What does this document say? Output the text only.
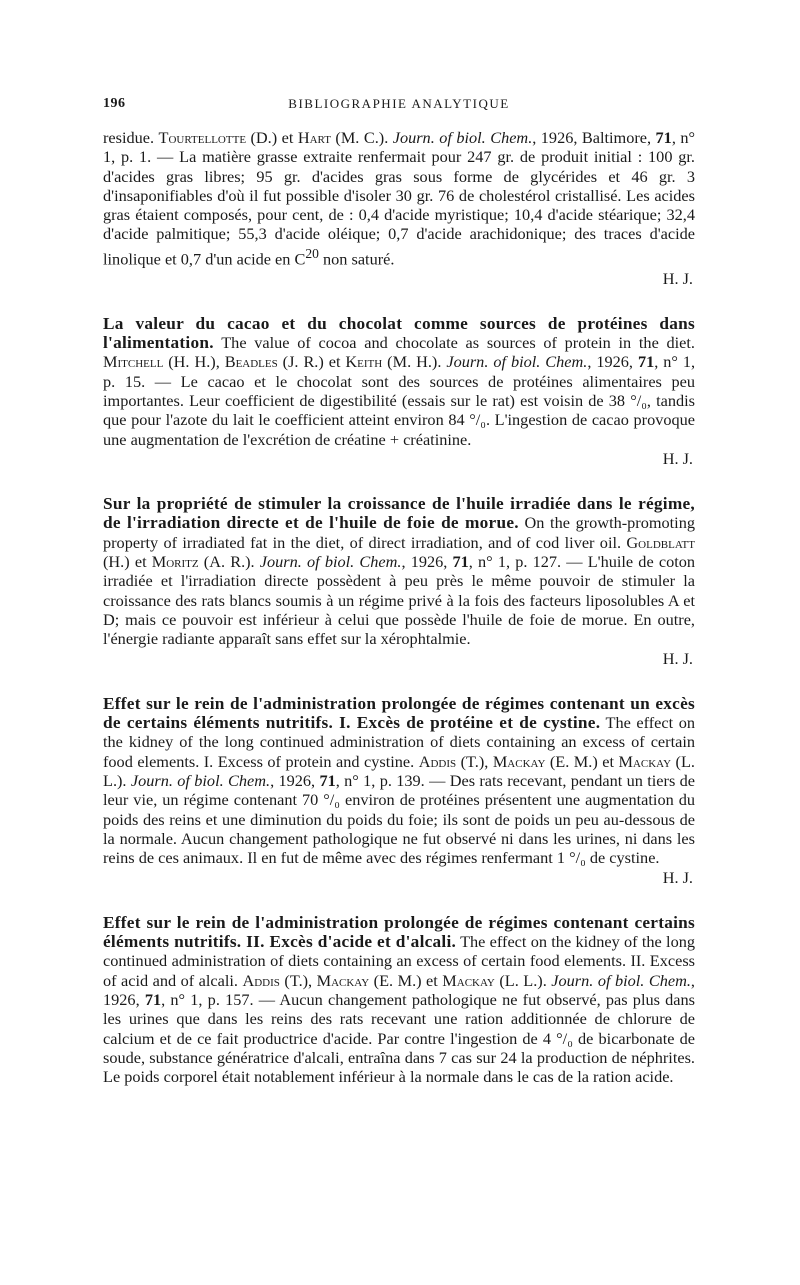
196	BIBLIOGRAPHIE ANALYTIQUE

residue. Tourtellotte (D.) et Hart (M. C.). Journ. of biol. Chem., 1926, Baltimore, 71, n° 1, p. 1. — La matière grasse extraite renfermait pour 247 gr. de produit initial : 100 gr. d'acides gras libres; 95 gr. d'acides gras sous forme de glycérides et 46 gr. 3 d'insaponifiables d'où il fut possible d'isoler 30 gr. 76 de cholestérol cristallisé. Les acides gras étaient composés, pour cent, de : 0,4 d'acide myristique; 10,4 d'acide stéarique; 32,4 d'acide palmitique; 55,3 d'acide oléique; 0,7 d'acide arachidonique; des traces d'acide linolique et 0,7 d'un acide en $C^{20}$ non saturé.

H. J.

La valeur du cacao et du chocolat comme sources de protéines dans l'alimentation. The value of cocoa and chocolate as sources of protein in the diet. Mitchell (H. H.), Beadles (J. R.) et Keith (M. H.). Journ. of biol. Chem., 1926, 71, n° 1, p. 15. — Le cacao et le chocolat sont des sources de protéines alimentaires peu importantes. Leur coefficient de digestibilité (essais sur le rat) est voisin de 38 °/₀, tandis que pour l'azote du lait le coefficient atteint environ 84 °/₀. L'ingestion de cacao provoque une augmentation de l'excrétion de créatine + créatinine.

H. J.

Sur la propriété de stimuler la croissance de l'huile irradiée dans le régime, de l'irradiation directe et de l'huile de foie de morue. On the growth-promoting property of irradiated fat in the diet, of direct irradiation, and of cod liver oil. Goldblatt (H.) et Moritz (A. R.). Journ. of biol. Chem., 1926, 71, n° 1, p. 127. — L'huile de coton irradiée et l'irradiation directe possèdent à peu près le même pouvoir de stimuler la croissance des rats blancs soumis à un régime privé à la fois des facteurs liposolubles A et D; mais ce pouvoir est inférieur à celui que possède l'huile de foie de morue. En outre, l'énergie radiante apparaît sans effet sur la xérophtalmie.

H. J.

Effet sur le rein de l'administration prolongée de régimes contenant un excès de certains éléments nutritifs. I. Excès de protéine et de cystine. The effect on the kidney of the long continued administration of diets containing an excess of certain food elements. I. Excess of protein and cystine. Addis (T.), Mackay (E. M.) et Mackay (L. L.). Journ. of biol. Chem., 1926, 71, n° 1, p. 139. — Des rats recevant, pendant un tiers de leur vie, un régime contenant 70 °/₀ environ de protéines présentent une augmentation du poids des reins et une diminution du poids du foie; ils sont de poids un peu au-dessous de la normale. Aucun changement pathologique ne fut observé ni dans les urines, ni dans les reins de ces animaux. Il en fut de même avec des régimes renfermant 1 °/₀ de cystine.

H. J.

Effet sur le rein de l'administration prolongée de régimes contenant certains éléments nutritifs. II. Excès d'acide et d'alcali. The effect on the kidney of the long continued administration of diets containing an excess of certain food elements. II. Excess of acid and of alcali. Addis (T.), Mackay (E. M.) et Mackay (L. L.). Journ. of biol. Chem., 1926, 71, n° 1, p. 157. — Aucun changement pathologique ne fut observé, pas plus dans les urines que dans les reins des rats recevant une ration additionnée de chlorure de calcium et de ce fait productrice d'acide. Par contre l'ingestion de 4 °/₀ de bicarbonate de soude, substance génératrice d'alcali, entraîna dans 7 cas sur 24 la production de néphrites. Le poids corporel était notablement inférieur à la normale dans le cas de la ration acide.
